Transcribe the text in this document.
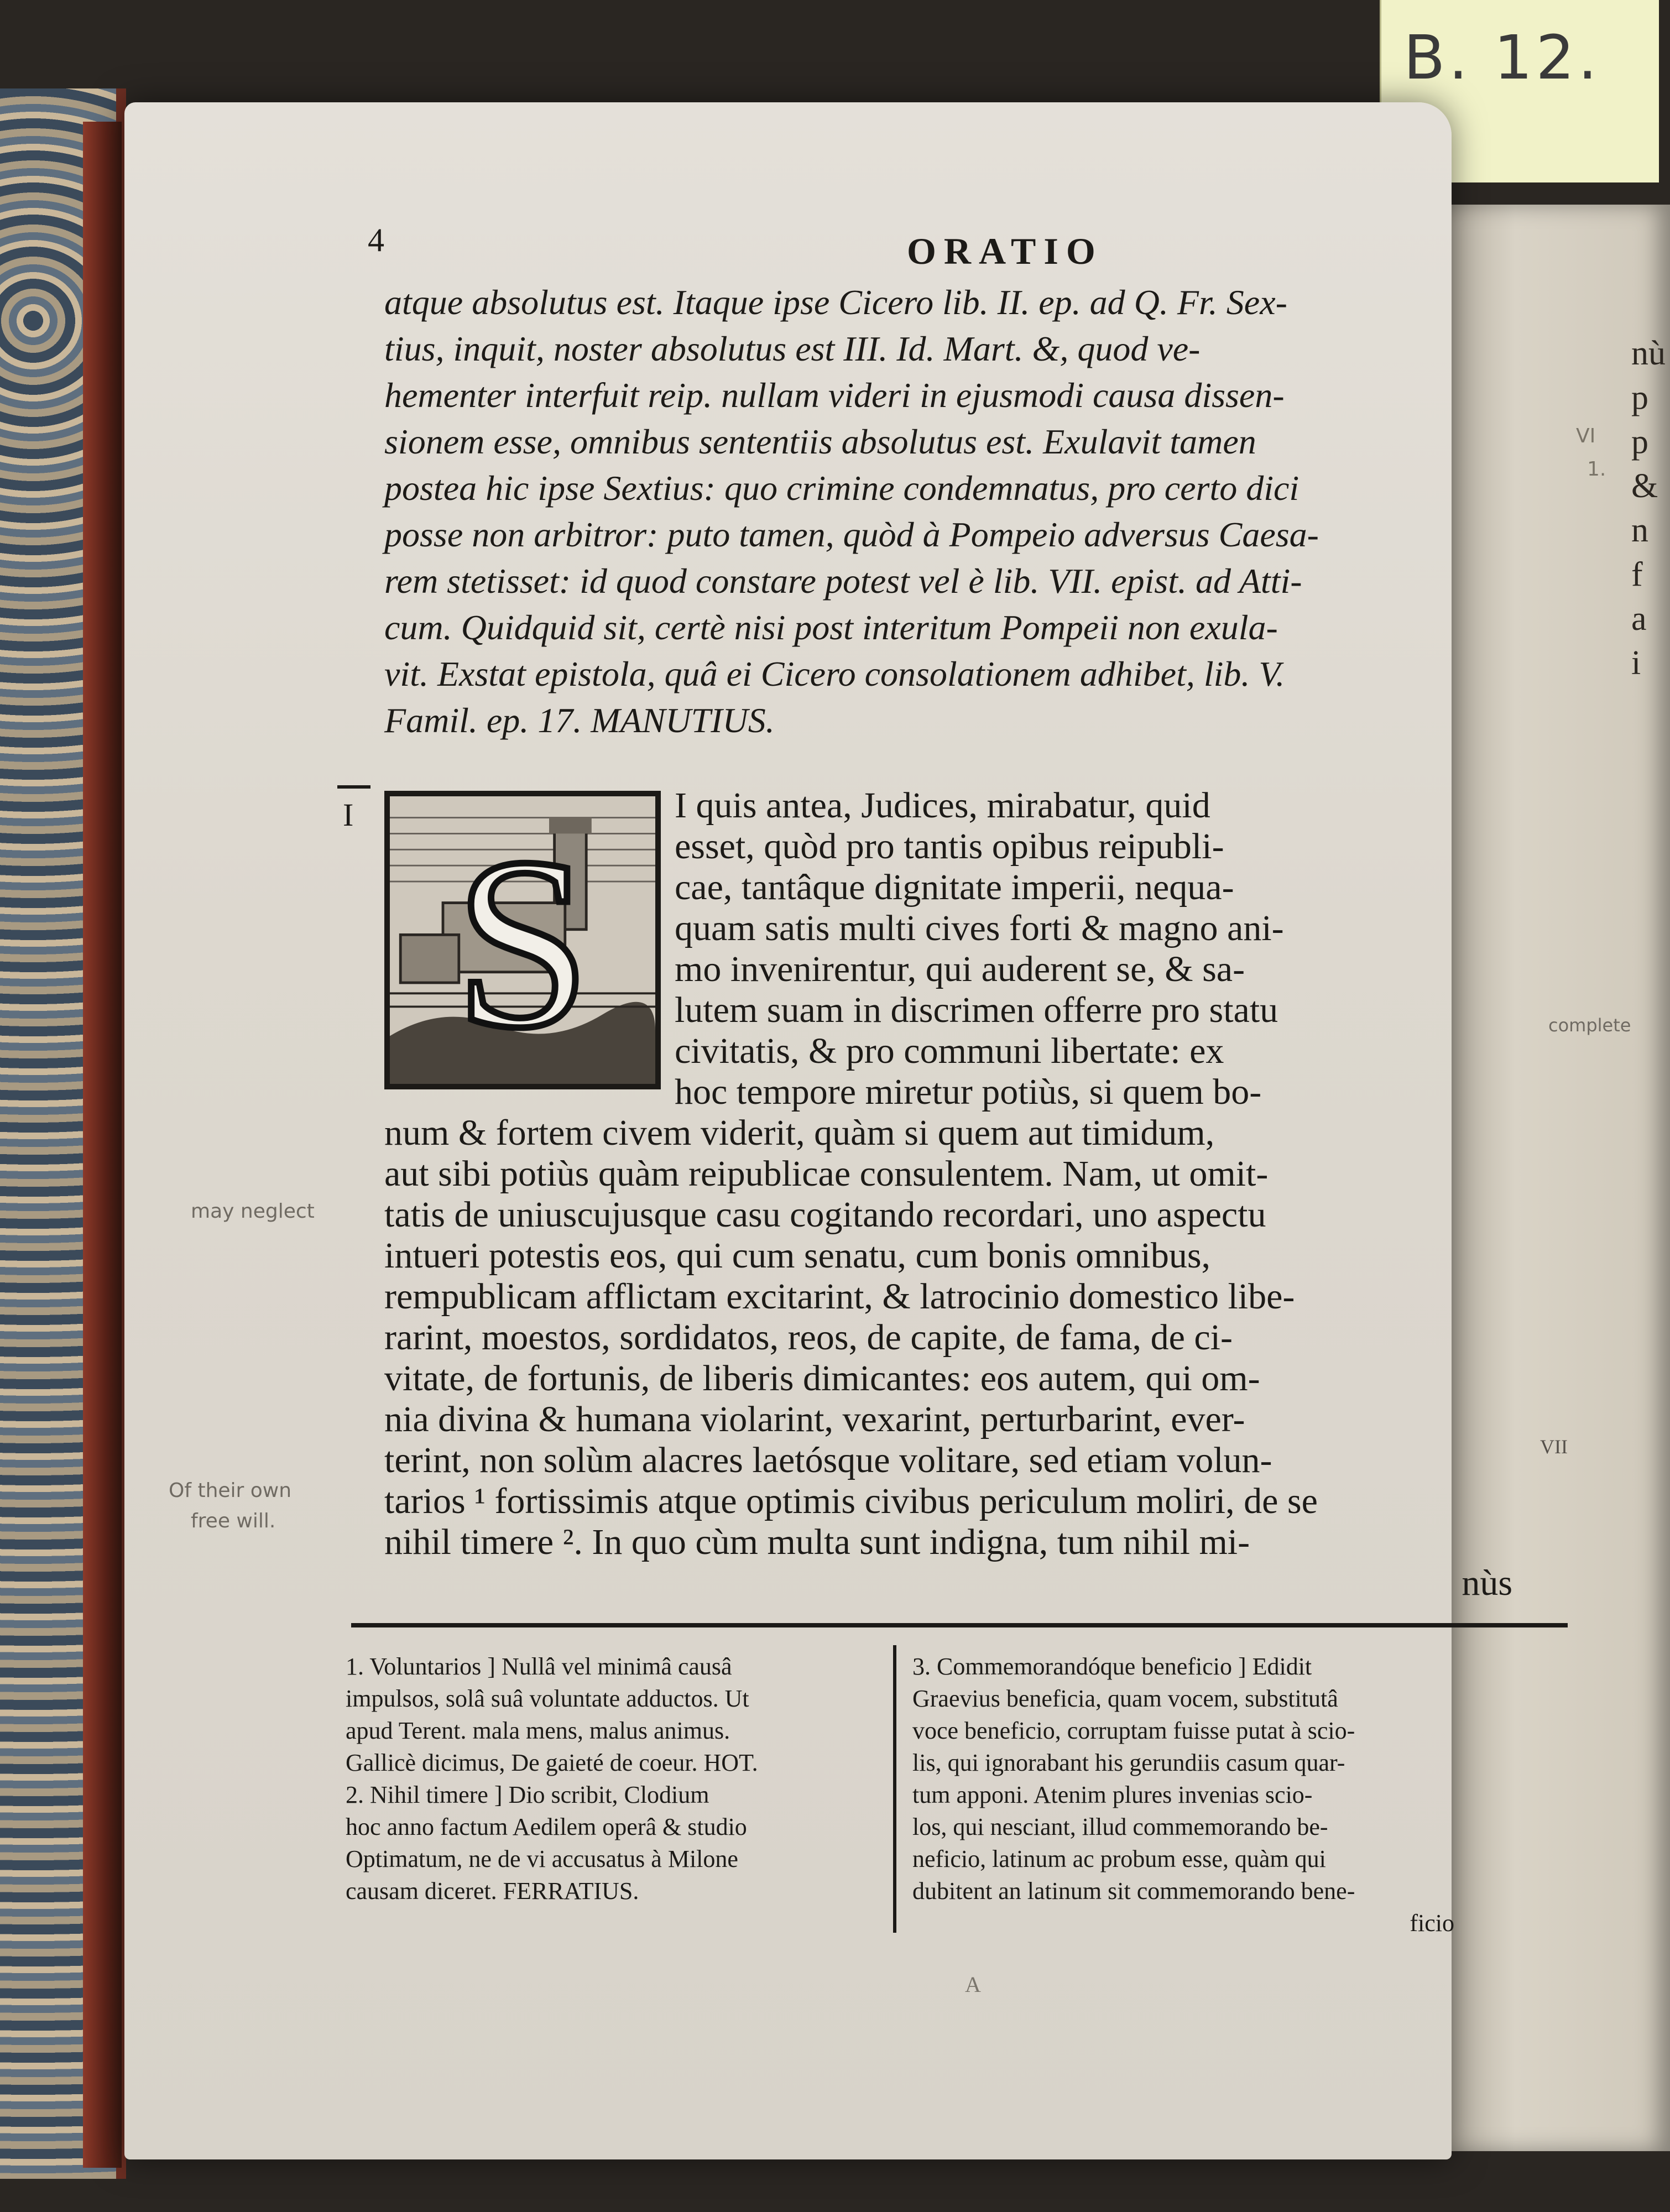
B. 12.
nù
p
p
&
n
f
a
i
VI
1.
4	ORATIO
atque absolutus est. Itaque ipse Cicero lib. II. ep. ad Q. Fr. Sex-
tius, inquit, noster absolutus est III. Id. Mart. &, quod ve-
hementer interfuit reip. nullam videri in ejusmodi causa dissen-
sionem esse, omnibus sententiis absolutus est. Exulavit tamen
postea hic ipse Sextius: quo crimine condemnatus, pro certo dici
posse non arbitror: puto tamen, quòd à Pompeio adversus Caesa-
rem stetisset: id quod constare potest vel è lib. VII. epist. ad Atti-
cum. Quidquid sit, certè nisi post interitum Pompeii non exula-
vit. Exstat epistola, quâ ei Cicero consolationem adhibet, lib. V.
Famil. ep. 17. MANUTIUS.
I S
I quis antea, Judices, mirabatur, quid
esset, quòd pro tantis opibus reipubli-
cae, tantâque dignitate imperii, nequa-
quam satis multi cives forti & magno ani-
mo invenirentur, qui auderent se, & sa-
lutem suam in discrimen offerre pro statu
civitatis, & pro communi libertate: ex
hoc tempore miretur potiùs, si quem bo-
num & fortem civem viderit, quàm si quem aut timidum,
aut sibi potiùs quàm reipublicae consulentem. Nam, ut omit-
tatis de uniuscujusque casu cogitando recordari, uno aspectu
intueri potestis eos, qui cum senatu, cum bonis omnibus,
rempublicam afflictam excitarint, & latrocinio domestico libe-
rarint, moestos, sordidatos, reos, de capite, de fama, de ci-
vitate, de fortunis, de liberis dimicantes: eos autem, qui om-
nia divina & humana violarint, vexarint, perturbarint, ever-
terint, non solùm alacres laetósque volitare, sed etiam volun-
tarios ¹ fortissimis atque optimis civibus periculum moliri, de se
nihil timere ². In quo cùm multa sunt indigna, tum nihil mi-
nùs
may neglect
Of their own
free will.
complete
VII
1. Voluntarios ] Nullâ vel minimâ causâ
impulsos, solâ suâ voluntate adductos. Ut
apud Terent. mala mens, malus animus.
Gallicè dicimus, De gaieté de coeur. HOT.
2. Nihil timere ] Dio scribit, Clodium
hoc anno factum Aedilem operâ & studio
Optimatum, ne de vi accusatus à Milone
causam diceret. FERRATIUS.
3. Commemorandóque beneficio ] Edidit
Graevius beneficia, quam vocem, substitutâ
voce beneficio, corruptam fuisse putat à scio-
lis, qui ignorabant his gerundiis casum quar-
tum apponi. Atenim plures invenias scio-
los, qui nesciant, illud commemorando be-
neficio, latinum ac probum esse, quàm qui
dubitent an latinum sit commemorando bene-
ficio
A
